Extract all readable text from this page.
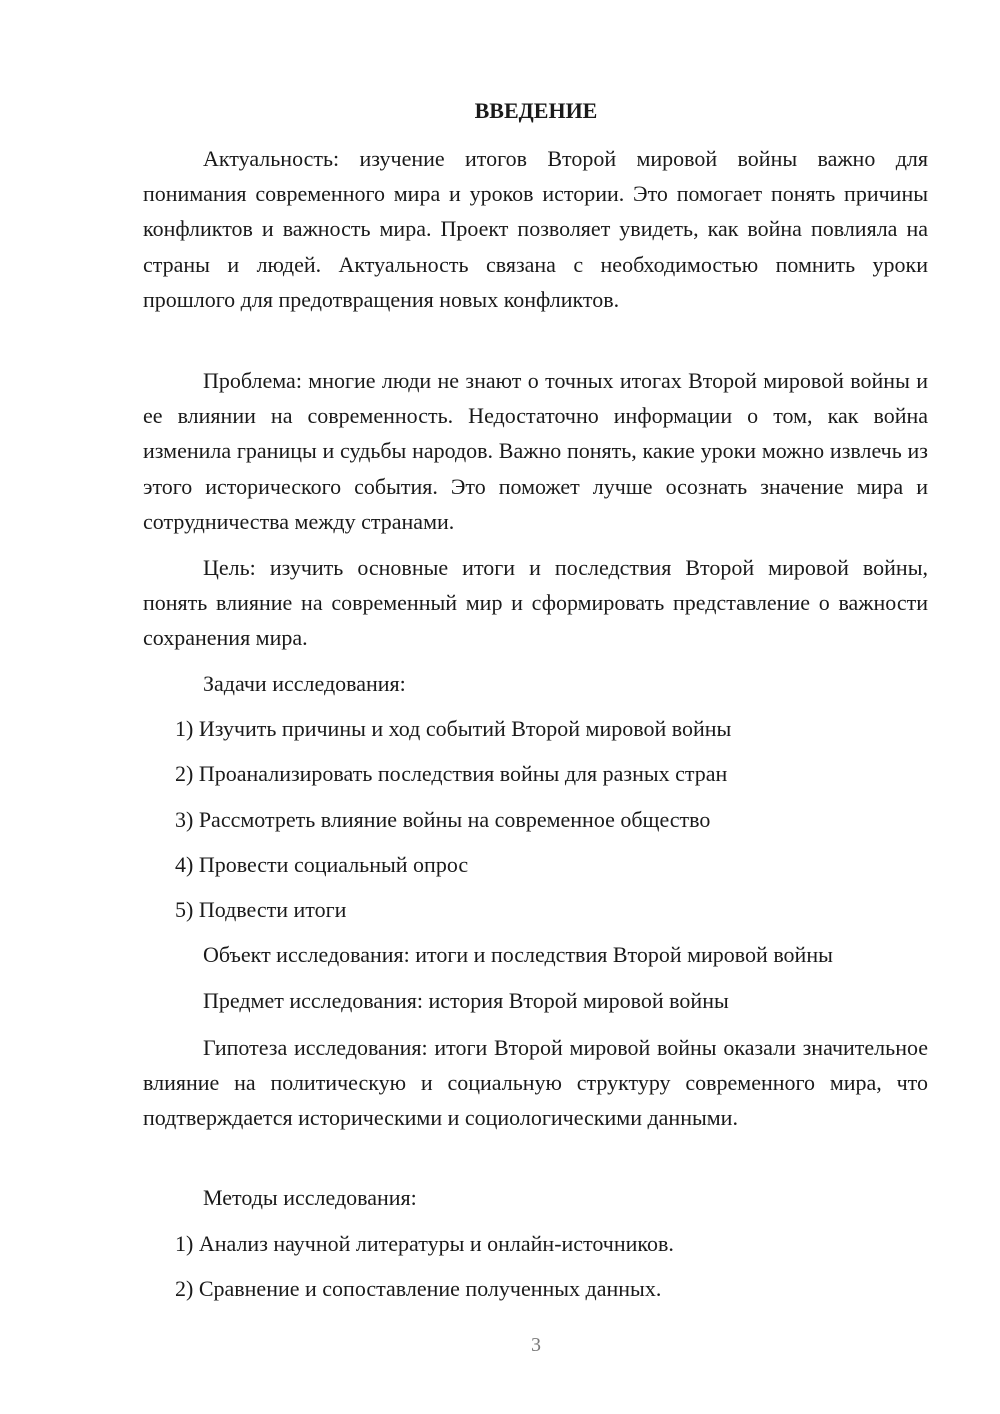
ВВЕДЕНИЕ

Актуальность: изучение итогов Второй мировой войны важно для понимания современного мира и уроков истории. Это помогает понять причины конфликтов и важность мира. Проект позволяет увидеть, как война повлияла на страны и людей. Актуальность связана с необходимостью помнить уроки прошлого для предотвращения новых конфликтов.

Проблема: многие люди не знают о точных итогах Второй мировой войны и ее влиянии на современность. Недостаточно информации о том, как война изменила границы и судьбы народов. Важно понять, какие уроки можно извлечь из этого исторического события. Это поможет лучше осознать значение мира и сотрудничества между странами.

Цель: изучить основные итоги и последствия Второй мировой войны, понять влияние на современный мир и сформировать представление о важности сохранения мира.

Задачи исследования:

1) Изучить причины и ход событий Второй мировой войны

2) Проанализировать последствия войны для разных стран

3) Рассмотреть влияние войны на современное общество

4) Провести социальный опрос

5) Подвести итоги

Объект исследования: итоги и последствия Второй мировой войны

Предмет исследования: история Второй мировой войны

Гипотеза исследования: итоги Второй мировой войны оказали значительное влияние на политическую и социальную структуру современного мира, что подтверждается историческими и социологическими данными.

Методы исследования:

1) Анализ научной литературы и онлайн-источников.

2) Сравнение и сопоставление полученных данных.

3
